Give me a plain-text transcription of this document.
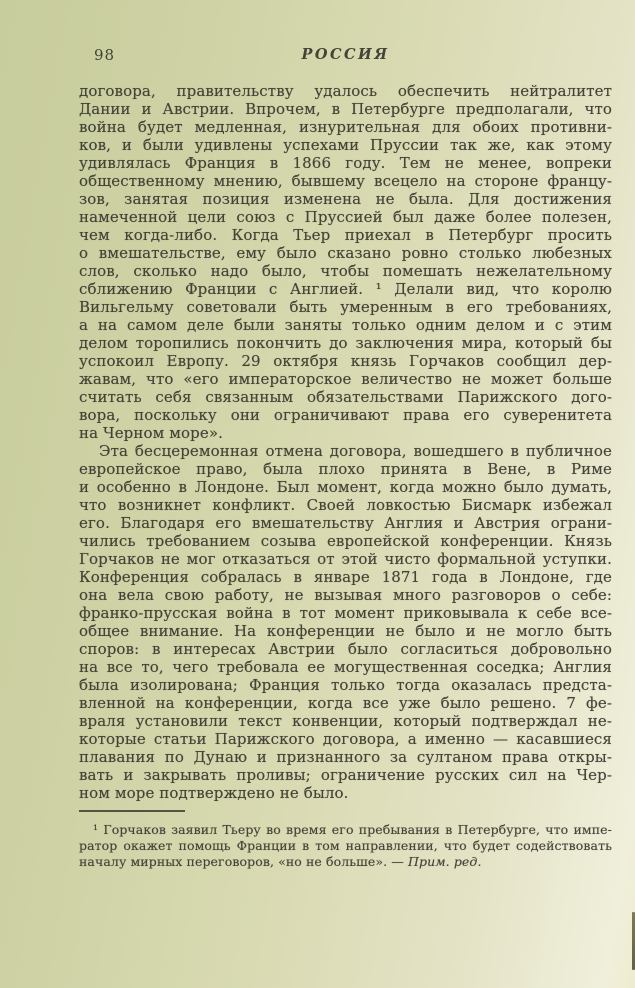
98	РОССИЯ
договора, правительству удалось обеспечить нейтралитет
Дании и Австрии. Впрочем, в Петербурге предполагали, что
война будет медленная, изнурительная для обоих противни-
ков, и были удивлены успехами Пруссии так же, как этому
удивлялась Франция в 1866 году. Тем не менее, вопреки
общественному мнению, бывшему всецело на стороне францу-
зов, занятая позиция изменена не была. Для достижения
намеченной цели союз с Пруссией был даже более полезен,
чем когда-либо. Когда Тьер приехал в Петербург просить
о вмешательстве, ему было сказано ровно столько любезных
слов, сколько надо было, чтобы помешать нежелательному
сближению Франции с Англией. ¹ Делали вид, что королю
Вильгельму советовали быть умеренным в его требованиях,
а на самом деле были заняты только одним делом и с этим
делом торопились покончить до заключения мира, который бы
успокоил Европу. 29 октября князь Горчаков сообщил дер-
жавам, что «его императорское величество не может больше
считать себя связанным обязательствами Парижского дого-
вора, поскольку они ограничивают права его суверенитета
на Черном море».
Эта бесцеремонная отмена договора, вошедшего в публичное
европейское право, была плохо принята в Вене, в Риме
и особенно в Лондоне. Был момент, когда можно было думать,
что возникнет конфликт. Своей ловкостью Бисмарк избежал
его. Благодаря его вмешательству Англия и Австрия ограни-
чились требованием созыва европейской конференции. Князь
Горчаков не мог отказаться от этой чисто формальной уступки.
Конференция собралась в январе 1871 года в Лондоне, где
она вела свою работу, не вызывая много разговоров о себе:
франко-прусская война в тот момент приковывала к себе все-
общее внимание. На конференции не было и не могло быть
споров: в интересах Австрии было согласиться добровольно
на все то, чего требовала ее могущественная соседка; Англия
была изолирована; Франция только тогда оказалась предста-
вленной на конференции, когда все уже было решено. 7 фе-
враля установили текст конвенции, который подтверждал не-
которые статьи Парижского договора, а именно — касавшиеся
плавания по Дунаю и признанного за султаном права откры-
вать и закрывать проливы; ограничение русских сил на Чер-
ном море подтверждено не было.
¹ Горчаков заявил Тьеру во время его пребывания в Петербурге, что импе-
ратор окажет помощь Франции в том направлении, что будет содействовать
началу мирных переговоров, «но не больше». — Прим. ред.
